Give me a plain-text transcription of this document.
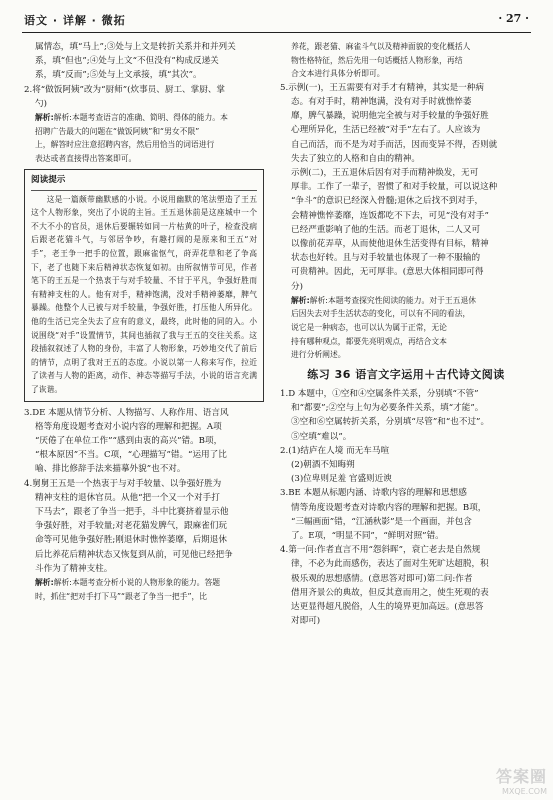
语文 · 详解 · 微拓	· 27 ·

属情态，填“马上”;③处与上文是转折关系并和并列关

系，填“但也”;④处与上文“不但没有”构成反递关

系，填“反而”;⑤处与上文承接，填“其次”。

2.将“做饭阿姨”改为“厨师”(炊事员、厨工、掌厨、掌

勺)

解析:解析:本题考查语言的准确、简明、得体的能力。本

招聘广告最大的问题在“做饭阿姨”和“男女不限”

上，解答时应注意招聘内容，然后用恰当的词语进行

表达或者直接得出答案即可。

阅读提示
这是一篇颇带幽默感的小说。小说用幽默的笔法塑造了王五这个人物形象，突出了小说的主旨。王五退休前是这座城中一个不大不小的官员，退休后要辗转如同一片枯黄的叶子，检查没病后跟老花猫斗气，与邻居争吵，有趣打闹的是原来和王五“对手”，老王争一把手的位置，跟麻雀怄气，莳弄花草和老了争高下，老了也随下来后精神状态恢复如初。由所叙情节可见，作者笔下的王五是一个热衷于与对手较量、不甘于平凡，争强好胜而有精神支柱的人。他有对手，精神饱满，没对手精神萎靡，脾气暴躁。他整个人已被与对手较量，争强好胜，打压他人所异化。他的生活已完全失去了应有的意义，最终，此时他的同的入。小说围绕“对手”设置情节，其间也插叙了我与王五的交往关系。这段插叙叙述了人物的身份，丰富了人物形象，巧妙地交代了前后的情节，点明了我对王五的态度。小说以第一人称来写作，拉近了读者与人物的距离，动作、神态等描写手法，小说的语言充满了诙谐。

3.DE 本题从情节分析、人物描写、人称作用、语言风

格等角度设题考查对小说内容的理解和把握。A项

“厌倦了在单位工作”“感到由衷的高兴”错。B项，

“根本原因”不当。C项，“心理描写”错。“运用了比

喻、排比修辞手法来描摹外貌”也不对。

4.舅舅王五是一个热衷于与对手较量、以争强好胜为

精神支柱的退休官员。从他“把一个又一个对手打

下马去”，跟老了争当一把手，斗中比赛挤着显示他

争强好胜，对手较量;对老花猫发脾气，跟麻雀们玩

命等可见他争强好胜;刚退休时憔悴萎靡，后期退休

后比养花后精神状态又恢复到从前，可见他已经把争

斗作为了精神支柱。

解析:解析:本题考查分析小说的人物形象的能力。答题

时，抓住“把对手打下马”“跟老了争当一把手”，比

养花，跟老猫、麻雀斗气以及精神面貌的变化概括人

物性格特征，然后先用一句话概括人物形象，再结

合文本进行具体分析即可。

5.示例(一)，王五需要有对手才有精神，其实是一种病

态。有对手时，精神饱满，没有对手时就憔悴萎

靡，脾气暴躁，说明他完全被与对手较量的争强好胜

心理所异化，生活已经被“对手”左右了。人应该为

自己而活，而不是为对手而活，因而变异不得，否则就

失去了独立的人格和自由的精神。

示例(二)，王五退休后因有对手而精神焕发，无可

厚非。工作了一辈子，習惯了和对手较量，可以说这种

“争斗”的意识已经深入骨髓;退休之后找不到对手，

会精神憔悴萎靡，连饭都吃不下去，可见“没有对手”

已经严重影响了他的生活。而老丁退休，二人又可

以像前花弄草，从而使他退休生活变得有目标，精神

状态也好转。且与对手较量也体现了一种不服输的

可贵精神。因此，无可厚非。(意思大体相同即可得

分)

解析:解析:本题考查探究性阅读的能力。对于王五退休

后因失去对手生活状态的变化，可以有不同的看法，

说它是一种病态，也可以认为属于正常，无论

持有哪种观点，都要先亮明观点，再结合文本

进行分析阐述。

练习 36 语言文字运用＋古代诗文阅读

1.D 本题中，①空和④空属条件关系，分别填“不管”

和“都要”;②空与上句为必要条件关系，填“才能”。

③空和⑥空属转折关系，分别填“尽管”和“也不过”。

⑤空填“难以”。

2.(1)结庐在人境 而无车马喧

(2)朝酒不知晦朔

(3)位卑则足羞 官盛则近谀

3.BE 本题从标题内涵、诗歌内容的理解和思想感

情等角度设题考查对诗歌内容的理解和把握。B项，

“三幅画面”错，“江涵秋影”是一个画面，并包含

了。E项，“明显不同”，“鲜明对照”错。

4.第一问:作者直言不用“怨斜晖”，衰亡老去是自然规

律，不必为此而感伤，表达了面对生死旷达超脱，积

极乐观的思想感情。(意思答对即可)第二问:作者

借用齐景公的典故，但反其意而用之，使生死观的表

达更显得超凡脱俗，人生的境界更加高远。(意思答

对即可)

答案圈
MXQE.COM
